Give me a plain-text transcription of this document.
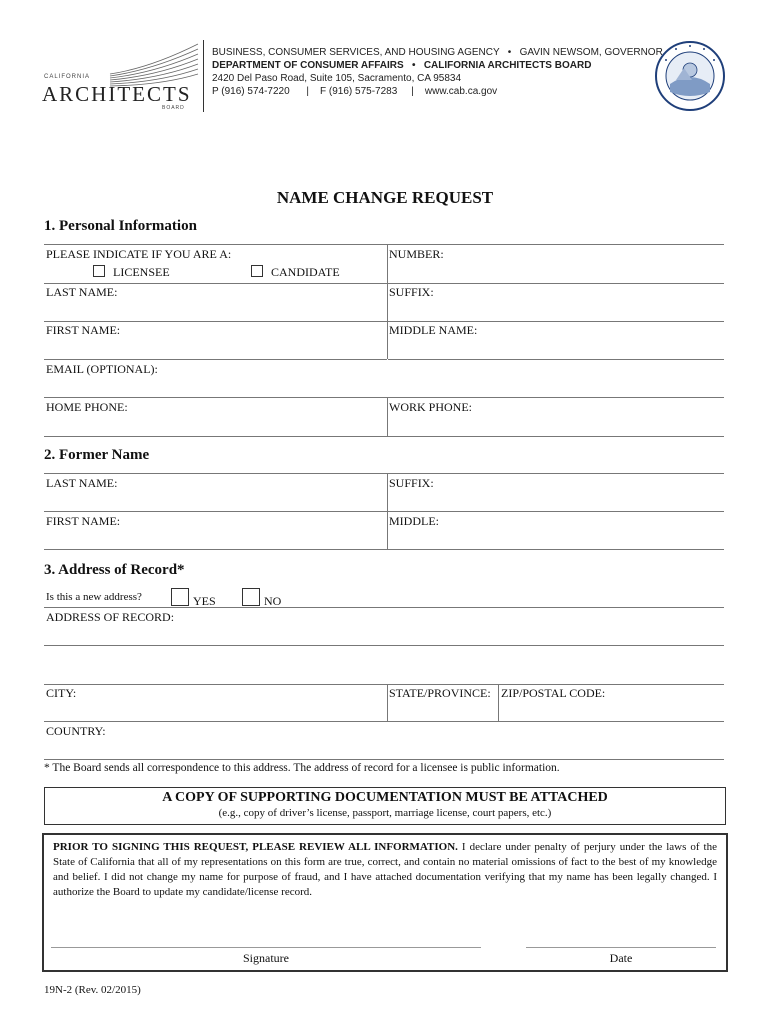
CALIFORNIA
ARCHITECTS
BOARD
BUSINESS, CONSUMER SERVICES, AND HOUSING AGENCY   •   GAVIN NEWSOM, GOVERNOR
DEPARTMENT OF CONSUMER AFFAIRS   •   CALIFORNIA ARCHITECTS BOARD
2420 Del Paso Road, Suite 105, Sacramento, CA 95834
P (916) 574-7220      |    F (916) 575-7283     |    www.cab.ca.gov
NAME CHANGE REQUEST
1. Personal Information
PLEASE INDICATE IF YOU ARE A:
LICENSEE	CANDIDATE
NUMBER:
LAST NAME:	SUFFIX:
FIRST NAME:	MIDDLE NAME:
EMAIL (OPTIONAL):
HOME PHONE:	WORK PHONE:
2. Former Name
LAST NAME:	SUFFIX:
FIRST NAME:	MIDDLE:
3. Address of Record*
Is this a new address?	YES	NO
ADDRESS OF RECORD:
CITY:	STATE/PROVINCE: ZIP/POSTAL CODE:
COUNTRY:
* The Board sends all correspondence to this address. The address of record for a licensee is public information.
A COPY OF SUPPORTING DOCUMENTATION MUST BE ATTACHED
(e.g., copy of driver’s license, passport, marriage license, court papers, etc.)
PRIOR TO SIGNING THIS REQUEST, PLEASE REVIEW ALL INFORMATION. I declare under penalty of perjury under the laws of the State of California that all of my representations on this form are true, correct, and contain no material omissions of fact to the best of my knowledge and belief. I did not change my name for purpose of fraud, and I have attached documentation verifying that my name has been legally changed. I authorize the Board to update my candidate/license record.
Signature	Date
19N-2 (Rev. 02/2015)
